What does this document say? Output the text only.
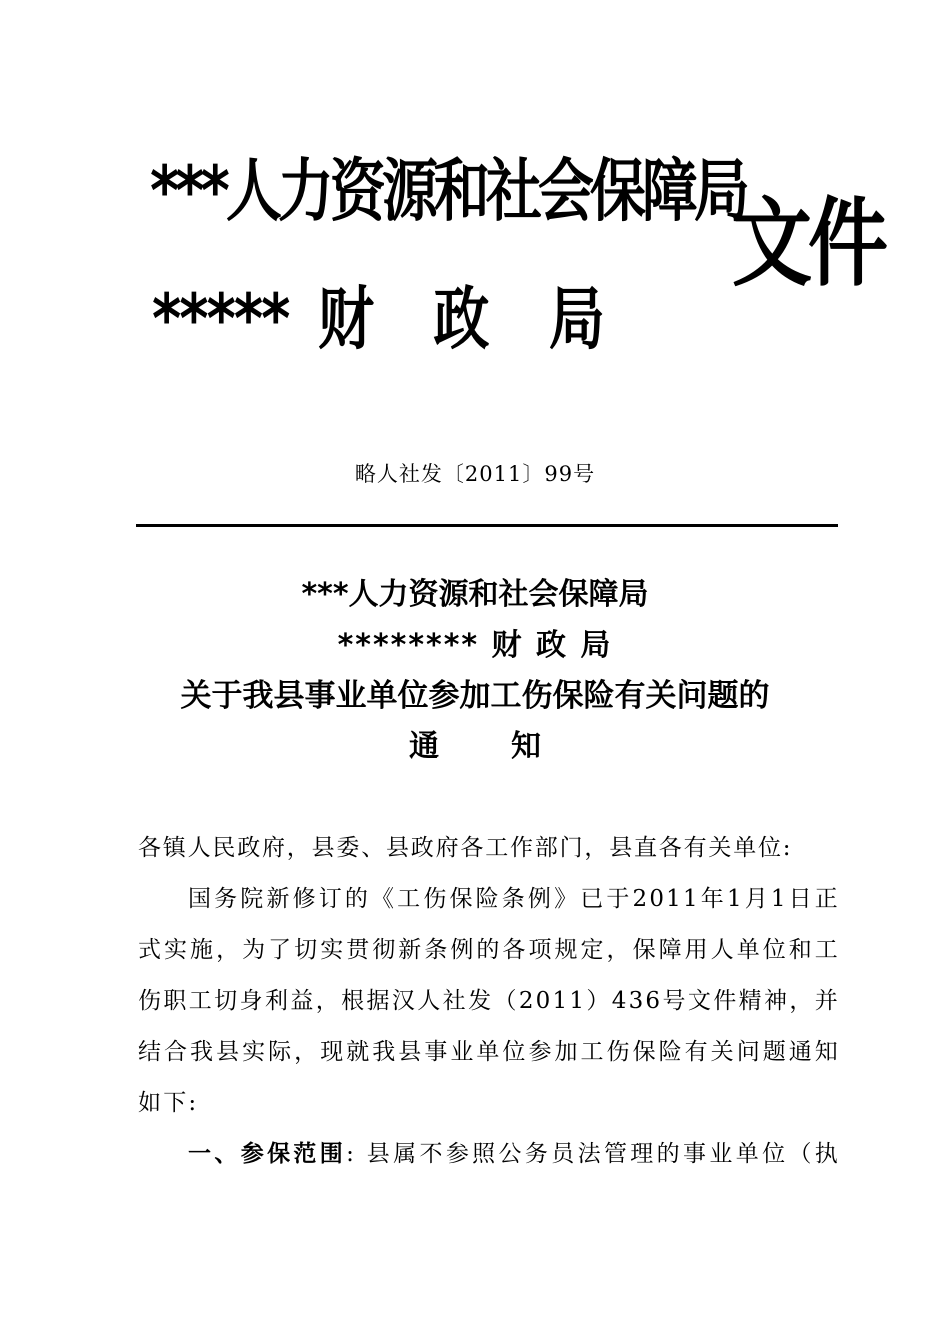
***人力资源和社会保障局
***** 财 政 局
文件
略人社发〔2011〕99号
***人力资源和社会保障局
******** 财 政 局
关于我县事业单位参加工伤保险有关问题的
通 知
各镇人民政府，县委、县政府各工作部门，县直各有关单位:
国务院新修订的《工伤保险条例》已于2011年1月1日正
式实施，为了切实贯彻新条例的各项规定，保障用人单位和工
伤职工切身利益，根据汉人社发（2011）436号文件精神，并
结合我县实际，现就我县事业单位参加工伤保险有关问题通知
如下:
一、参保范围: 县属不参照公务员法管理的事业单位（执
